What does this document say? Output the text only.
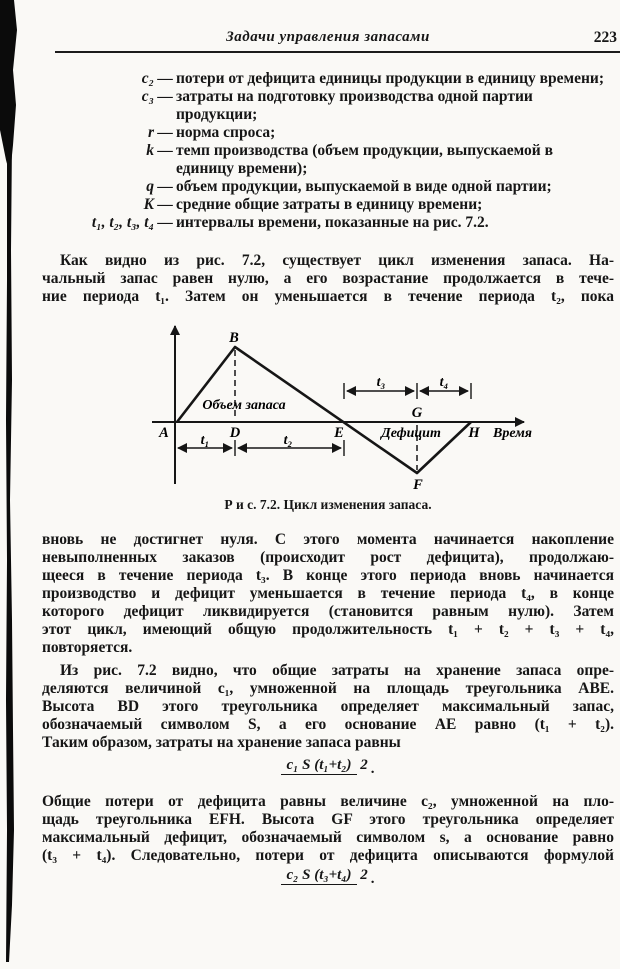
Задачи управления запасами	223
c₂ — потери от дефицита единицы продукции в единицу времени;
c₃ — затраты на подготовку производства одной партии продукции;
r — норма спроса;
k — темп производства (объем продукции, выпускаемой в единицу времени);
q — объем продукции, выпускаемой в виде одной партии;
K — средние общие затраты в единицу времени;
t₁, t₂, t₃, t₄ — интервалы времени, показанные на рис. 7.2.
Как видно из рис. 7.2, существует цикл изменения запаса. На-
чальный запас равен нулю, а его возрастание продолжается в тече-
ние периода t₁. Затем он уменьшается в течение периода t₂, пока
A
B
D	E
F
G
H
t₁	t₂
t₃	t₄
Объем запаса
Дефицит	Время
Р и с. 7.2. Цикл изменения запаса.
вновь не достигнет нуля. С этого момента начинается накопление
невыполненных заказов (происходит рост дефицита), продолжаю-
щееся в течение периода t₃. В конце этого периода вновь начинается
производство и дефицит уменьшается в течение периода t₄, в конце
которого дефицит ликвидируется (становится равным нулю). Затем
этот цикл, имеющий общую продолжительность t₁ + t₂ + t₃ + t₄,
повторяется.
Из рис. 7.2 видно, что общие затраты на хранение запаса опре-
деляются величиной c₁, умноженной на площадь треугольника ABE.
Высота BD этого треугольника определяет максимальный запас,
обозначаемый символом S, а его основание AE равно (t₁ + t₂).
Таким образом, затраты на хранение запаса равны
c₁ S (t₁+t₂) 2 .
Общие потери от дефицита равны величине c₂, умноженной на пло-
щадь треугольника EFH. Высота GF этого треугольника определяет
максимальный дефицит, обозначаемый символом s, а основание равно
(t₃ + t₄). Следовательно, потери от дефицита описываются формулой
c₂ S (t₃+t₄) 2 .
